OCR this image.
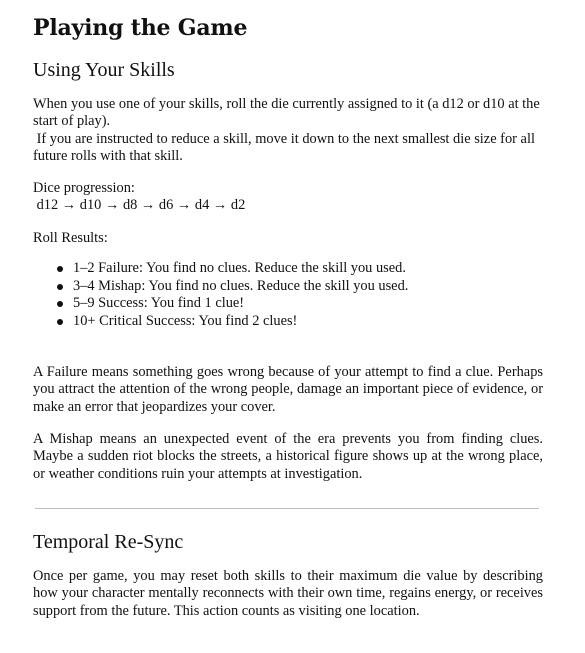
Playing the Game
Using Your Skills
When you use one of your skills, roll the die currently assigned to it (a d12 or d10 at the start of play).
If you are instructed to reduce a skill, move it down to the next smallest die size for all future rolls with that skill.
Dice progression:
d12 → d10 → d8 → d6 → d4 → d2
Roll Results:
1–2 Failure: You find no clues. Reduce the skill you used.
3–4 Mishap: You find no clues. Reduce the skill you used.
5–9 Success: You find 1 clue!
10+ Critical Success: You find 2 clues!
A Failure means something goes wrong because of your attempt to find a clue. Perhaps you attract the attention of the wrong people, damage an important piece of evidence, or make an error that jeopardizes your cover.
A Mishap means an unexpected event of the era prevents you from finding clues. Maybe a sudden riot blocks the streets, a historical figure shows up at the wrong place, or weather conditions ruin your attempts at investigation.
Temporal Re-Sync
Once per game, you may reset both skills to their maximum die value by describing how your character mentally reconnects with their own time, regains energy, or receives support from the future. This action counts as visiting one location.
